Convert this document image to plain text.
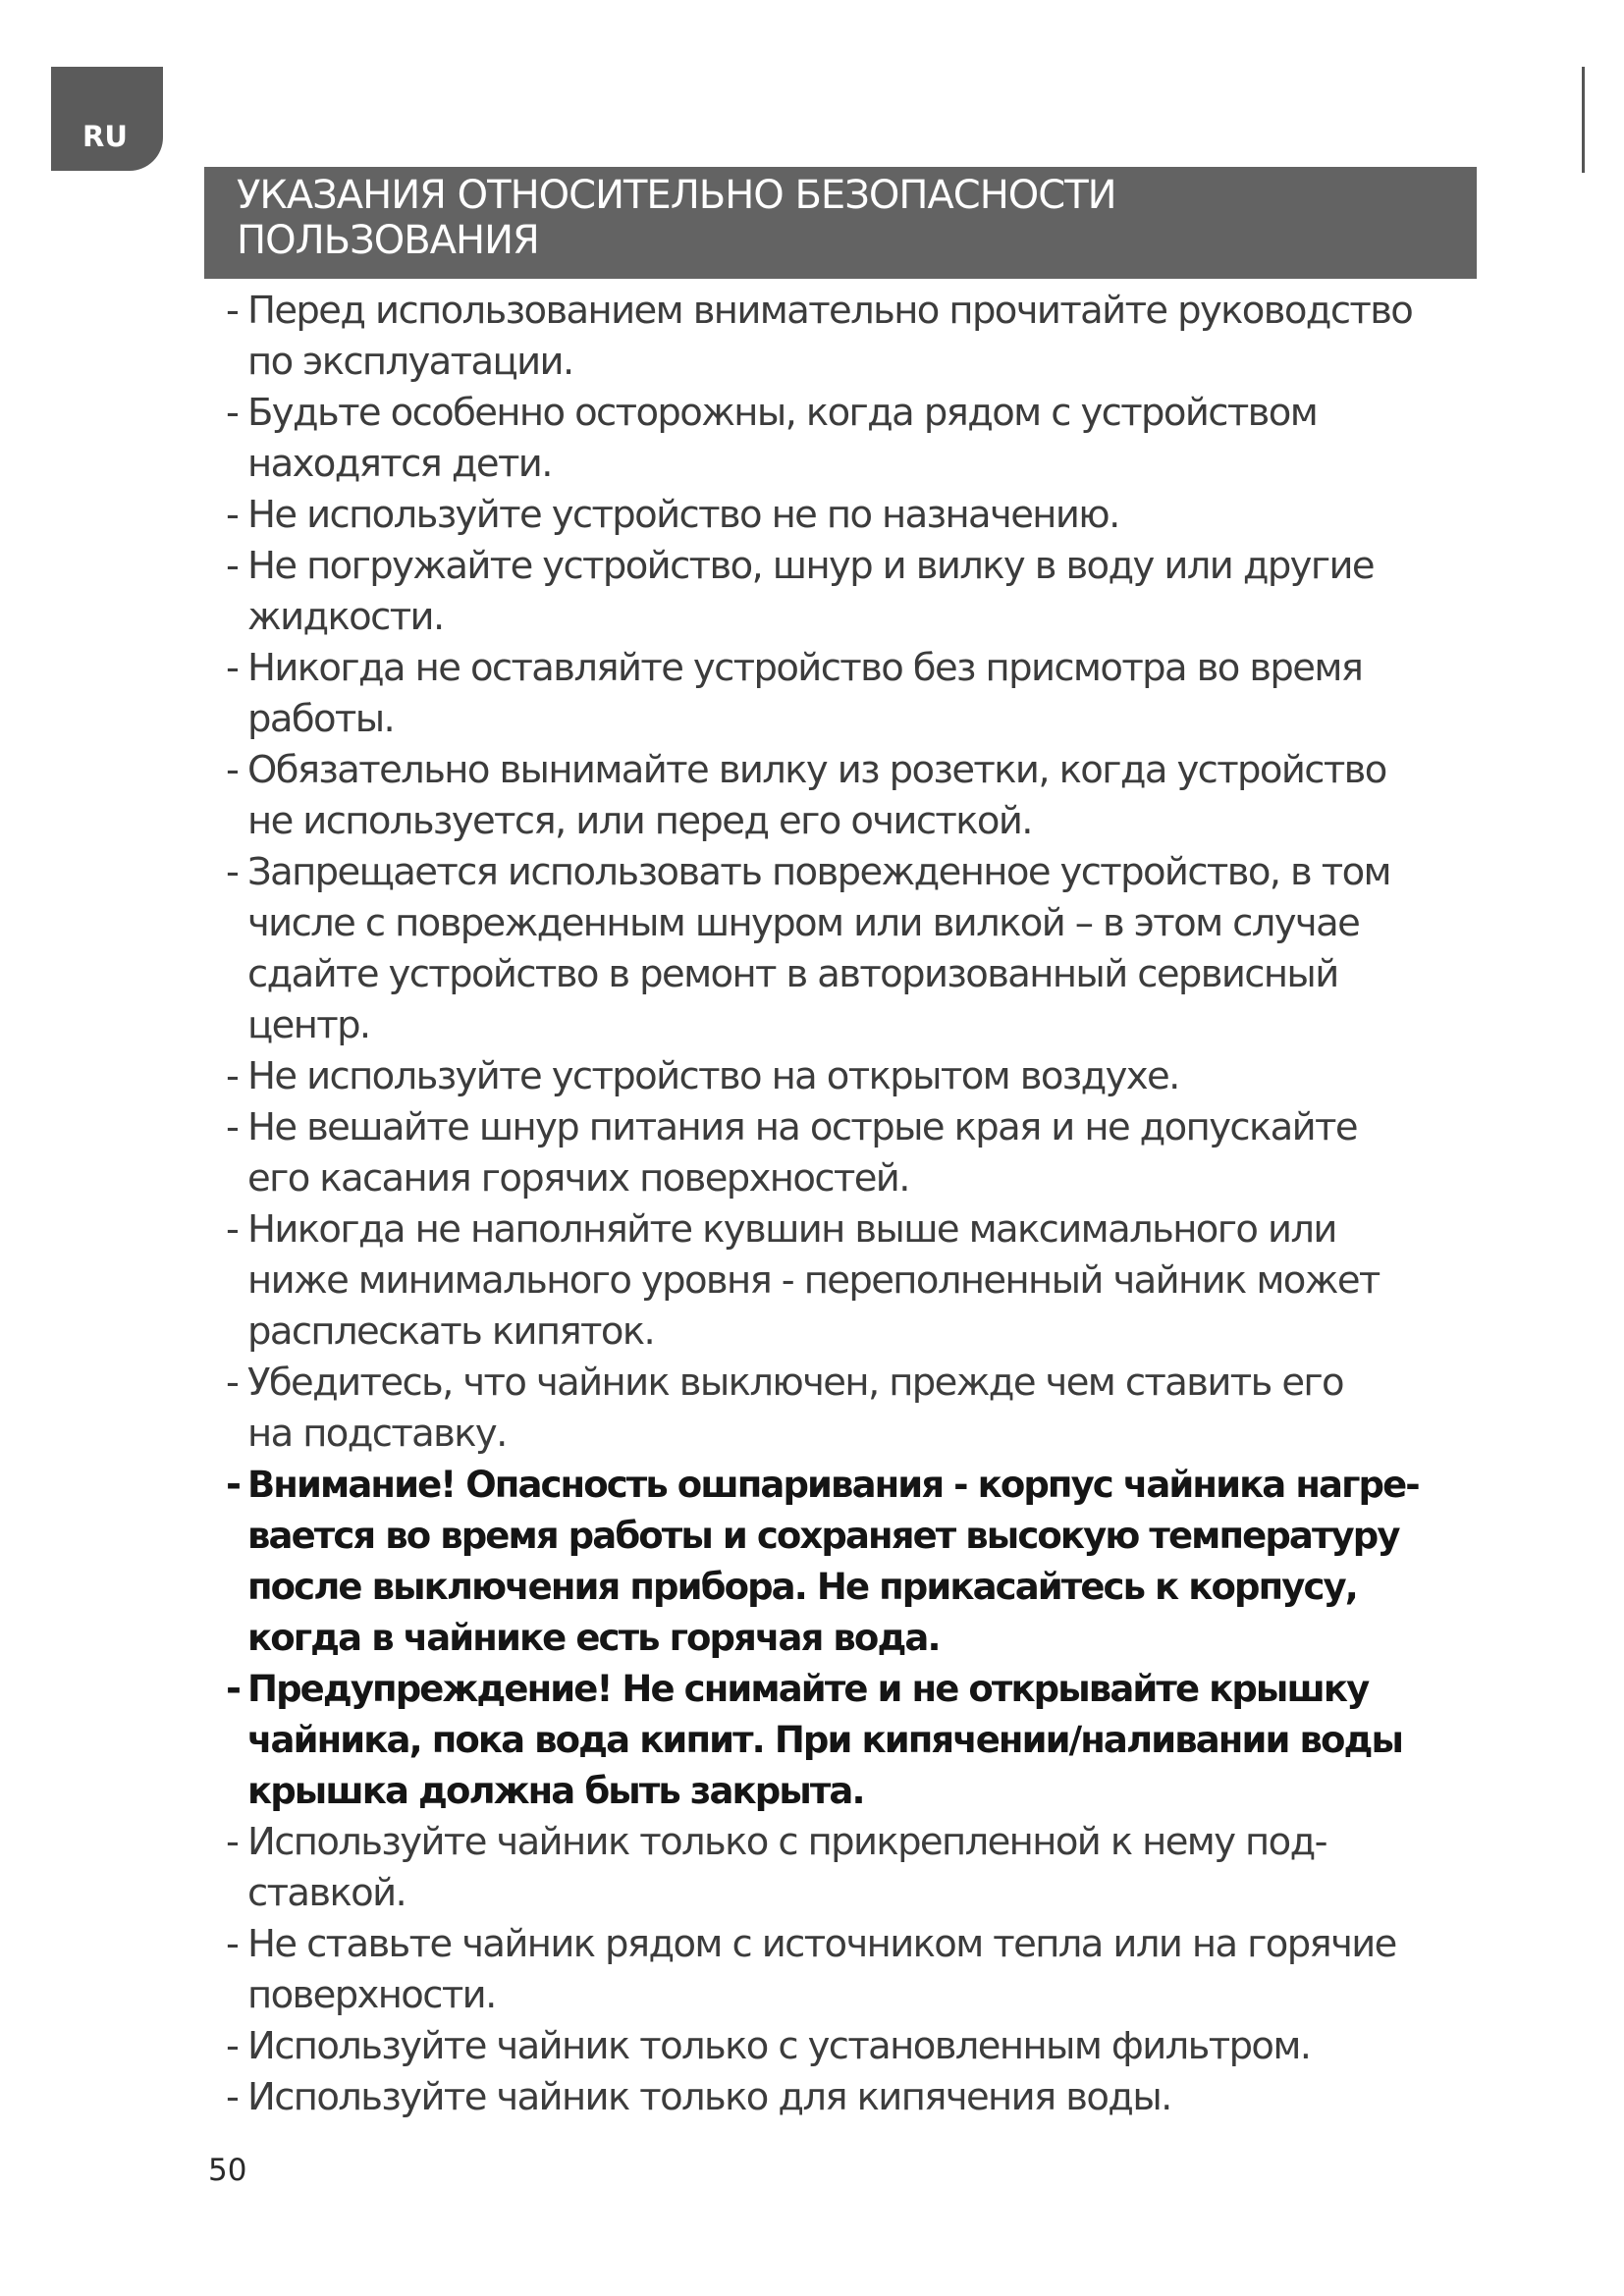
RU
УКАЗАНИЯ ОТНОСИТЕЛЬНО БЕЗОПАСНОСТИ
ПОЛЬЗОВАНИЯ
- Перед использованием внимательно прочитайте руководство
по эксплуатации.
- Будьте особенно осторожны, когда рядом с устройством
находятся дети.
- Не используйте устройство не по назначению.
- Не погружайте устройство, шнур и вилку в воду или другие
жидкости.
- Никогда не оставляйте устройство без присмотра во время
работы.
- Обязательно вынимайте вилку из розетки, когда устройство
не используется, или перед его очисткой.
- Запрещается использовать поврежденное устройство, в том
числе с поврежденным шнуром или вилкой – в этом случае
сдайте устройство в ремонт в авторизованный сервисный
центр.
- Не используйте устройство на открытом воздухе.
- Не вешайте шнур питания на острые края и не допускайте
его касания горячих поверхностей.
- Никогда не наполняйте кувшин выше максимального или
ниже минимального уровня - переполненный чайник может
расплескать кипяток.
- Убедитесь, что чайник выключен, прежде чем ставить его
на подставку.
- Внимание! Опасность ошпаривания - корпус чайника нагре-
вается во время работы и сохраняет высокую температуру
после выключения прибора. Не прикасайтесь к корпусу,
когда в чайнике есть горячая вода.
- Предупреждение! Не снимайте и не открывайте крышку
чайника, пока вода кипит. При кипячении/наливании воды
крышка должна быть закрыта.
- Используйте чайник только с прикрепленной к нему под-
ставкой.
- Не ставьте чайник рядом с источником тепла или на горячие
поверхности.
- Используйте чайник только с установленным фильтром.
- Используйте чайник только для кипячения воды.
50
